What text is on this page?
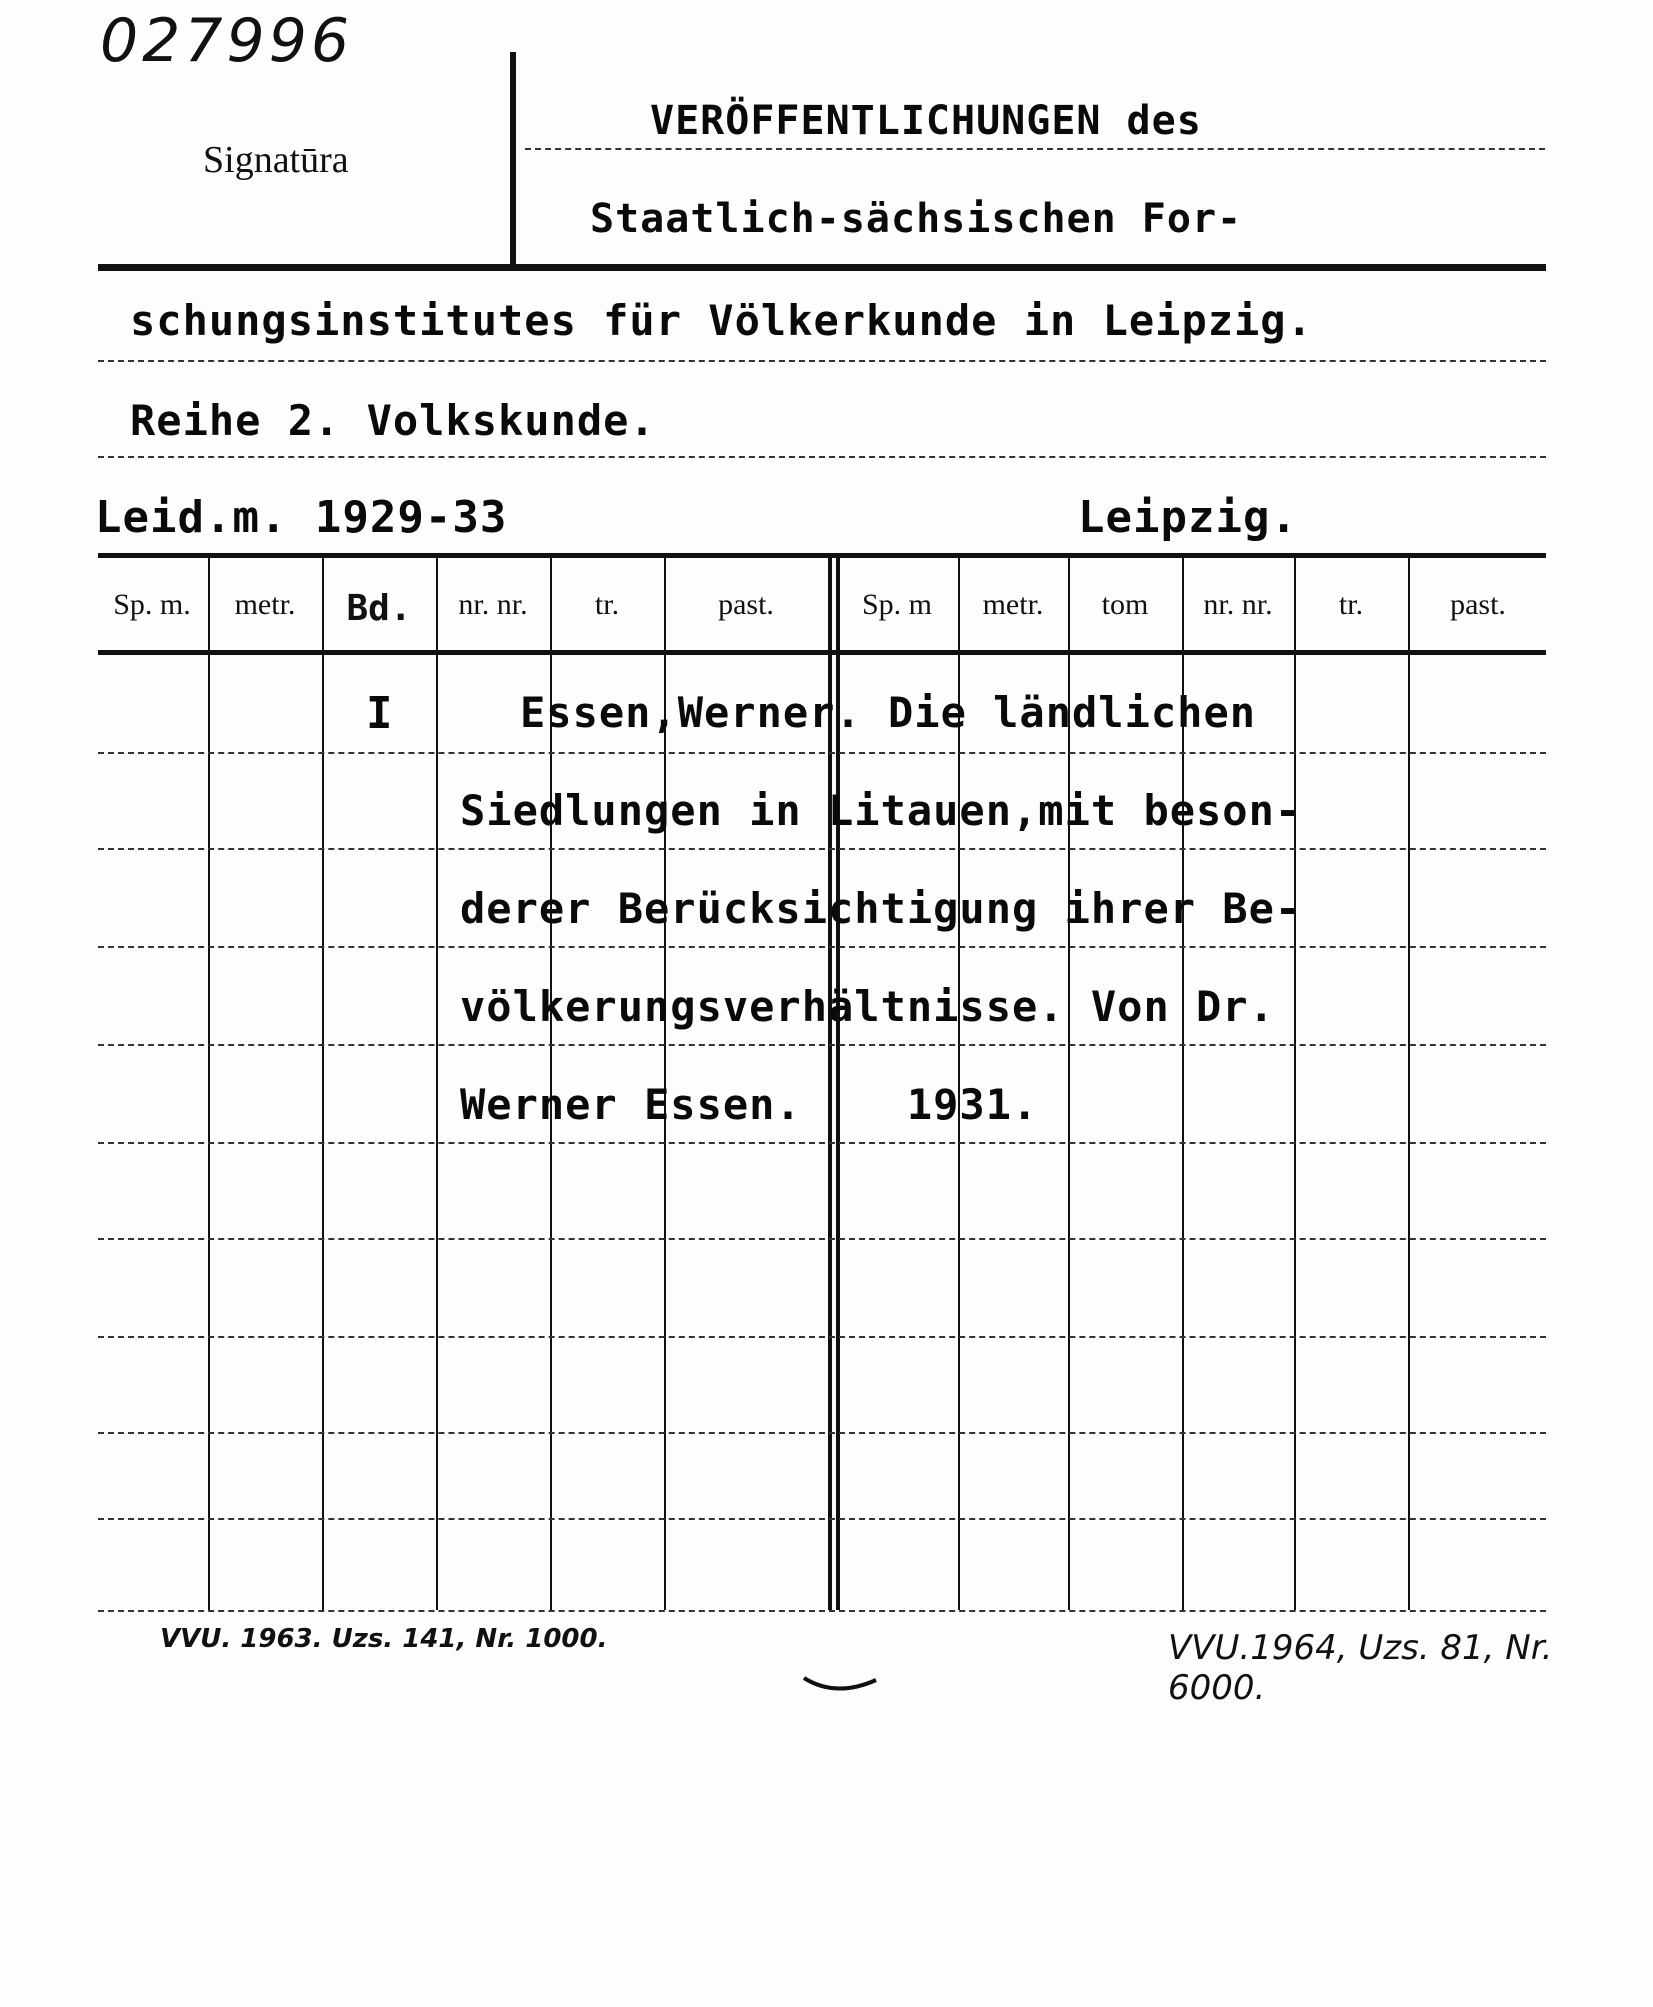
027996
Signatūra
VERÖFFENTLICHUNGEN des
Staatlich-sächsischen For-
schungsinstitutes für Völkerkunde in Leipzig.
Reihe 2. Volkskunde.
Leid.m. 1929-33	Leipzig.
Sp. m.	metr.	Bd.	nr. nr.	tr.	past.	Sp. m	metr.	tom	nr. nr.	tr.	past.
I	Essen,Werner. Die ländlichen
Siedlungen in Litauen,mit beson-
derer Berücksichtigung ihrer Be-
völkerungsverhältnisse. Von Dr.
Werner Essen.    1931.
VVU. 1963. Uzs. 141, Nr. 1000.	VVU.1964, Uzs. 81, Nr. 6000.
